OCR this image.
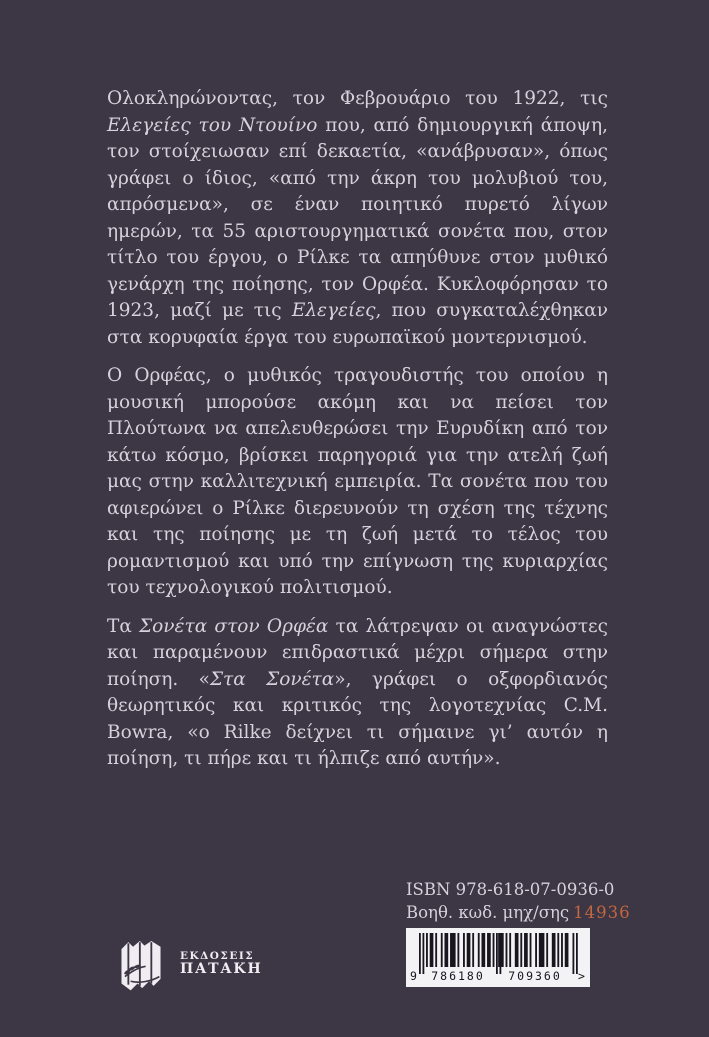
Ολοκληρώνοντας, τον Φεβρουάριο του 1922, τις Ελεγείες του Ντουίνο που, από δημιουργική άποψη, τον στοίχειωσαν επί δεκαετία, «ανάβρυσαν», όπως γράφει ο ίδιος, «από την άκρη του μολυβιού του, απρόσμενα», σε έναν ποιητικό πυρετό λίγων ημερών, τα 55 αριστουργηματικά σονέτα που, στον τίτλο του έργου, ο Ρίλκε τα απηύθυνε στον μυθικό γενάρχη της ποίησης, τον Ορφέα. Κυκλοφόρησαν το 1923, μαζί με τις Ελεγείες, που συγκαταλέχθηκαν στα κορυφαία έργα του ευρωπαϊκού μοντερνισμού.

Ο Ορφέας, ο μυθικός τραγουδιστής του οποίου η μουσική μπορούσε ακόμη και να πείσει τον Πλούτωνα να απελευθερώσει την Ευρυδίκη από τον κάτω κόσμο, βρίσκει παρηγοριά για την ατελή ζωή μας στην καλλιτεχνική εμπειρία. Τα σονέτα που του αφιερώνει ο Ρίλκε διερευνούν τη σχέση της τέχνης και της ποίησης με τη ζωή μετά το τέλος του ρομαντισμού και υπό την επίγνωση της κυριαρχίας του τεχνολογικού πολιτισμού.

Τα Σονέτα στον Ορφέα τα λάτρεψαν οι αναγνώστες και παραμένουν επιδραστικά μέχρι σήμερα στην ποίηση. «Στα Σονέτα», γράφει ο οξφορδιανός θεωρητικός και κριτικός της λογοτεχνίας C.M. Bowra, «ο Rilke δείχνει τι σήμαινε γι’ αυτόν η ποίηση, τι πήρε και τι ήλπιζε από αυτήν».

ISBN 978-618-07-0936-0
Βοηθ. κωδ. μηχ/σης 14936
9 786180 709360 >
ΕΚΔΟΣΕΙΣ
ΠΑΤΑΚΗ
